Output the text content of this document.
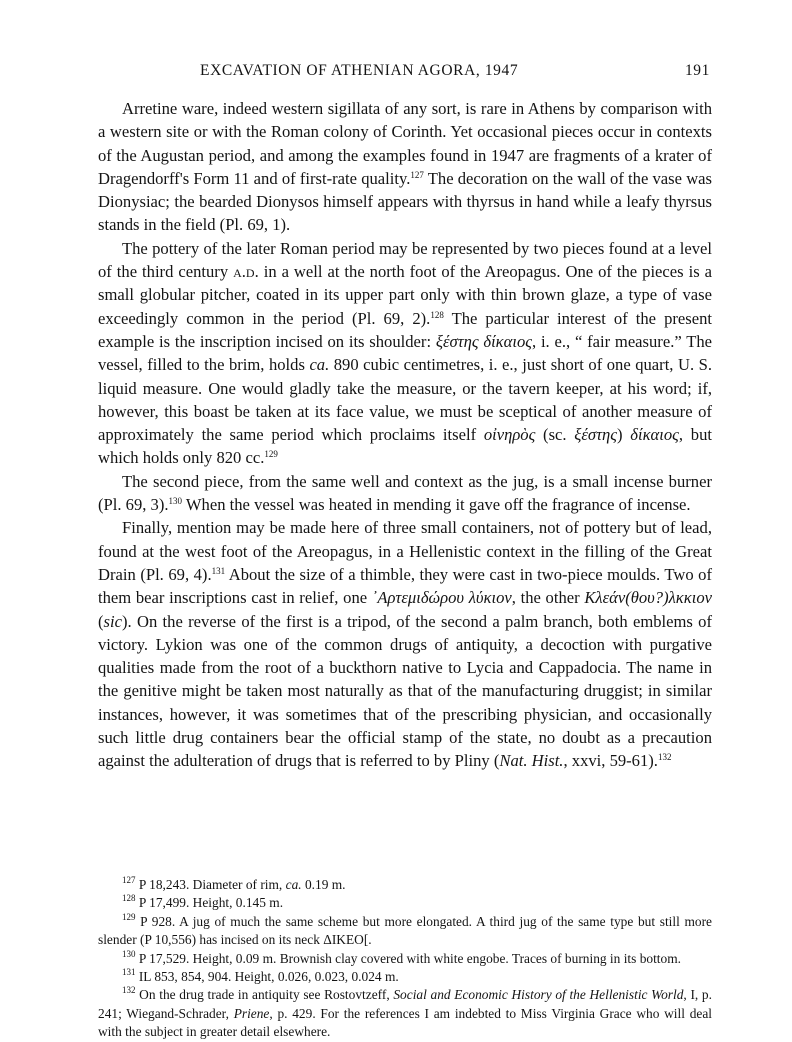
EXCAVATION OF ATHENIAN AGORA, 1947	191

Arretine ware, indeed western sigillata of any sort, is rare in Athens by comparison with a western site or with the Roman colony of Corinth. Yet occasional pieces occur in contexts of the Augustan period, and among the examples found in 1947 are fragments of a krater of Dragendorff's Form 11 and of first-rate quality.$^{127}$ The decoration on the wall of the vase was Dionysiac; the bearded Dionysos himself appears with thyrsus in hand while a leafy thyrsus stands in the field (Pl. 69, 1).

The pottery of the later Roman period may be represented by two pieces found at a level of the third century a.d. in a well at the north foot of the Areopagus. One of the pieces is a small globular pitcher, coated in its upper part only with thin brown glaze, a type of vase exceedingly common in the period (Pl. 69, 2).$^{128}$ The particular interest of the present example is the inscription incised on its shoulder: ξέστης δίκαιος, i. e., “ fair measure.” The vessel, filled to the brim, holds ca. 890 cubic centimetres, i. e., just short of one quart, U. S. liquid measure. One would gladly take the measure, or the tavern keeper, at his word; if, however, this boast be taken at its face value, we must be sceptical of another measure of approximately the same period which proclaims itself οἰνηρὸς (sc. ξέστης) δίκαιος, but which holds only 820 cc.$^{129}$

The second piece, from the same well and context as the jug, is a small incense burner (Pl. 69, 3).$^{130}$ When the vessel was heated in mending it gave off the fragrance of incense.

Finally, mention may be made here of three small containers, not of pottery but of lead, found at the west foot of the Areopagus, in a Hellenistic context in the filling of the Great Drain (Pl. 69, 4).$^{131}$ About the size of a thimble, they were cast in two-piece moulds. Two of them bear inscriptions cast in relief, one ᾿Αρτεμιδώρου λύκιον, the other Κλεάν(θου?)λκκιον (sic). On the reverse of the first is a tripod, of the second a palm branch, both emblems of victory. Lykion was one of the common drugs of antiquity, a decoction with purgative qualities made from the root of a buckthorn native to Lycia and Cappadocia. The name in the genitive might be taken most naturally as that of the manufacturing druggist; in similar instances, however, it was sometimes that of the prescribing physician, and occasionally such little drug containers bear the official stamp of the state, no doubt as a precaution against the adulteration of drugs that is referred to by Pliny (Nat. Hist., xxvi, 59-61).$^{132}$

$^{127}$ P 18,243. Diameter of rim, ca. 0.19 m.

$^{128}$ P 17,499. Height, 0.145 m.

$^{129}$ P 928. A jug of much the same scheme but more elongated. A third jug of the same type but still more slender (P 10,556) has incised on its neck ΔIKEO[.

$^{130}$ P 17,529. Height, 0.09 m. Brownish clay covered with white engobe. Traces of burning in its bottom.

$^{131}$ IL 853, 854, 904. Height, 0.026, 0.023, 0.024 m.

$^{132}$ On the drug trade in antiquity see Rostovtzeff, Social and Economic History of the Hellenistic World, I, p. 241; Wiegand-Schrader, Priene, p. 429. For the references I am indebted to Miss Virginia Grace who will deal with the subject in greater detail elsewhere.
